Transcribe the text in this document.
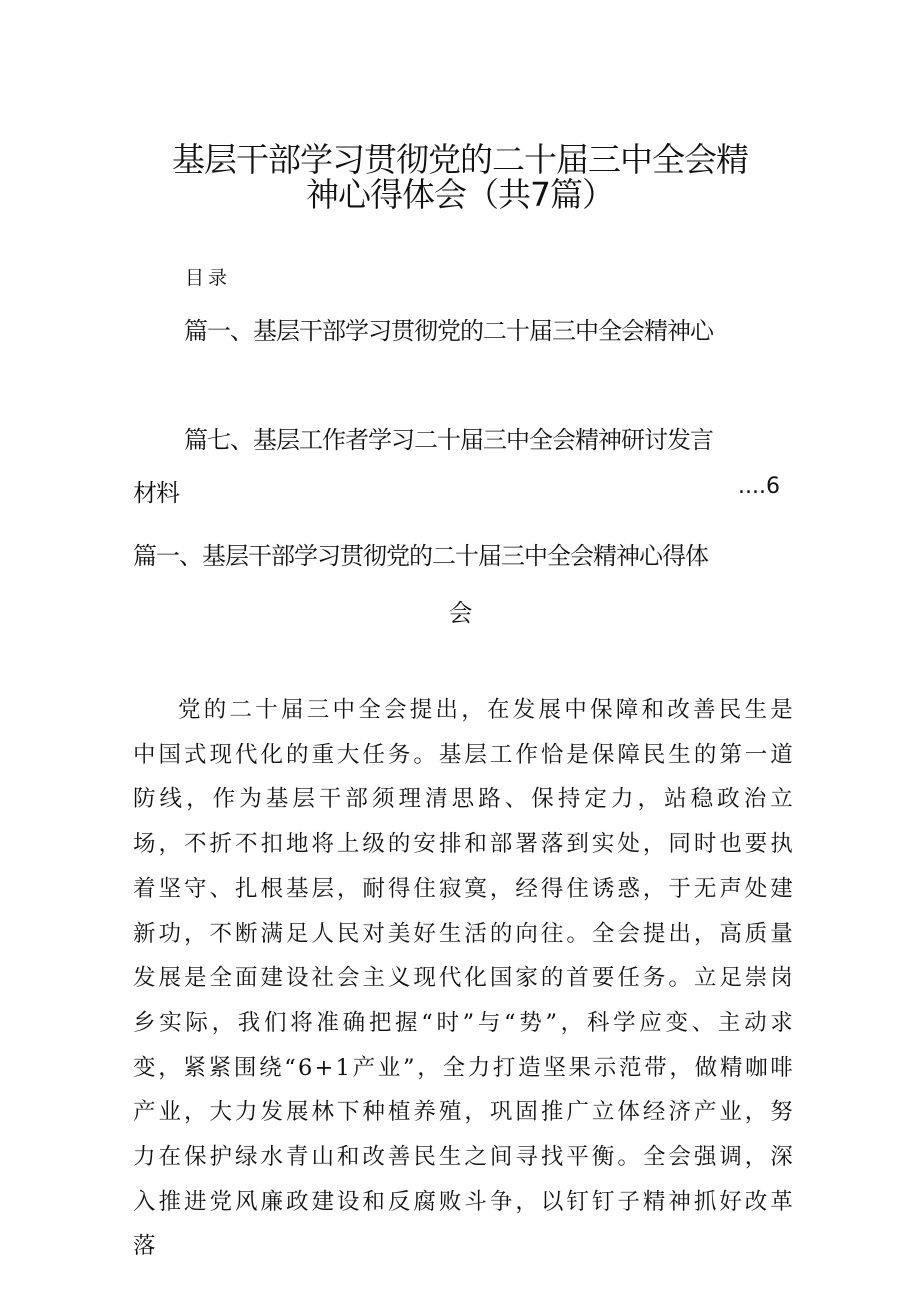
基层干部学习贯彻党的二十届三中全会精
神心得体会（共7篇）
目录
篇一、基层干部学习贯彻党的二十届三中全会精神心
篇七、基层工作者学习二十届三中全会精神研讨发言
材料	....6
篇一、基层干部学习贯彻党的二十届三中全会精神心得体
会
党的二十届三中全会提出，在发展中保障和改善民生是中国式现代化的重大任务。基层工作恰是保障民生的第一道防线，作为基层干部须理清思路、保持定力，站稳政治立场，不折不扣地将上级的安排和部署落到实处，同时也要执着坚守、扎根基层，耐得住寂寞，经得住诱惑，于无声处建新功，不断满足人民对美好生活的向往。全会提出，高质量发展是全面建设社会主义现代化国家的首要任务。立足崇岗乡实际，我们将准确把握“时”与“势”，科学应变、主动求变，紧紧围绕“6+1产业”，全力打造坚果示范带，做精咖啡产业，大力发展林下种植养殖，巩固推广立体经济产业，努力在保护绿水青山和改善民生之间寻找平衡。全会强调，深入推进党风廉政建设和反腐败斗争，以钉钉子精神抓好改革落
